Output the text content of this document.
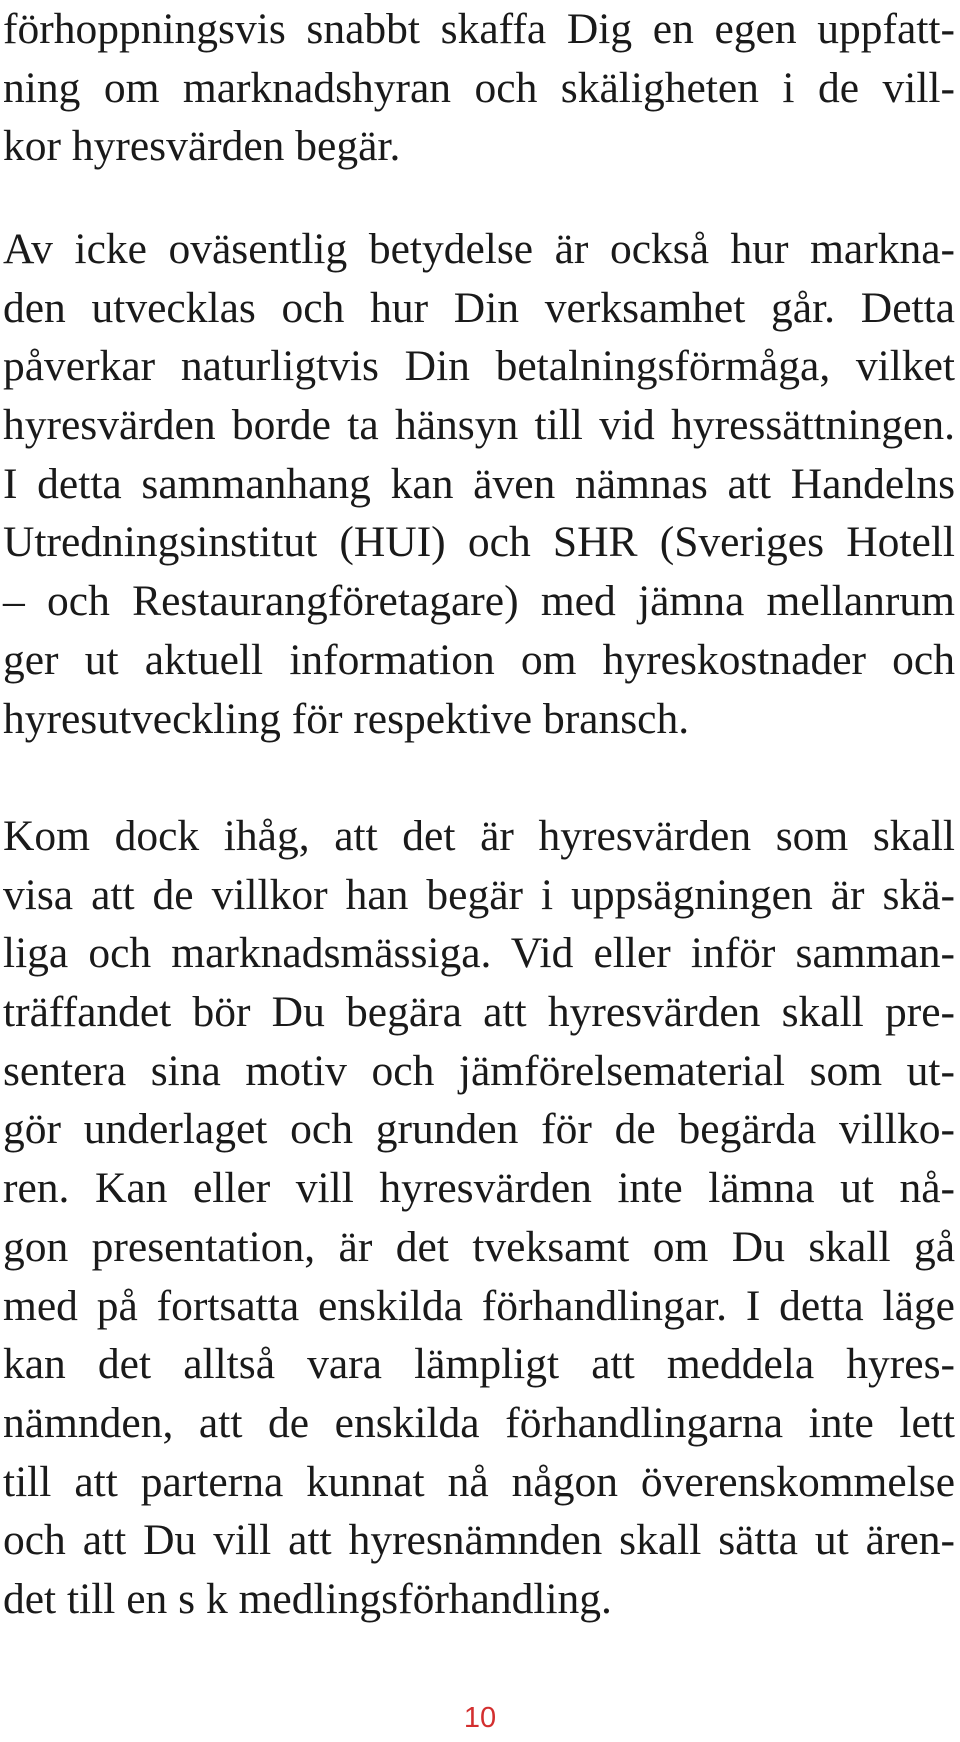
förhoppningsvis snabbt skaffa Dig en egen uppfatt-
ning om marknadshyran och skäligheten i de vill-
kor hyresvärden begär.
Av icke oväsentlig betydelse är också hur markna-
den utvecklas och hur Din verksamhet går. Detta
påverkar naturligtvis Din betalningsförmåga, vilket
hyresvärden borde ta hänsyn till vid hyressättningen.
I detta sammanhang kan även nämnas att Handelns
Utredningsinstitut (HUI) och SHR (Sveriges Hotell
– och Restaurangföretagare) med jämna mellanrum
ger ut aktuell information om hyreskostnader och
hyresutveckling för respektive bransch.
Kom dock ihåg, att det är hyresvärden som skall
visa att de villkor han begär i uppsägningen är skä-
liga och marknadsmässiga. Vid eller inför samman-
träffandet bör Du begära att hyresvärden skall pre-
sentera sina motiv och jämförelsematerial som ut-
gör underlaget och grunden för de begärda villko-
ren. Kan eller vill hyresvärden inte lämna ut nå-
gon presentation, är det tveksamt om Du skall gå
med på fortsatta enskilda förhandlingar. I detta läge
kan det alltså vara lämpligt att meddela hyres-
nämnden, att de enskilda förhandlingarna inte lett
till att parterna kunnat nå någon överenskommelse
och att Du vill att hyresnämnden skall sätta ut ären-
det till en s k medlingsförhandling.
10
